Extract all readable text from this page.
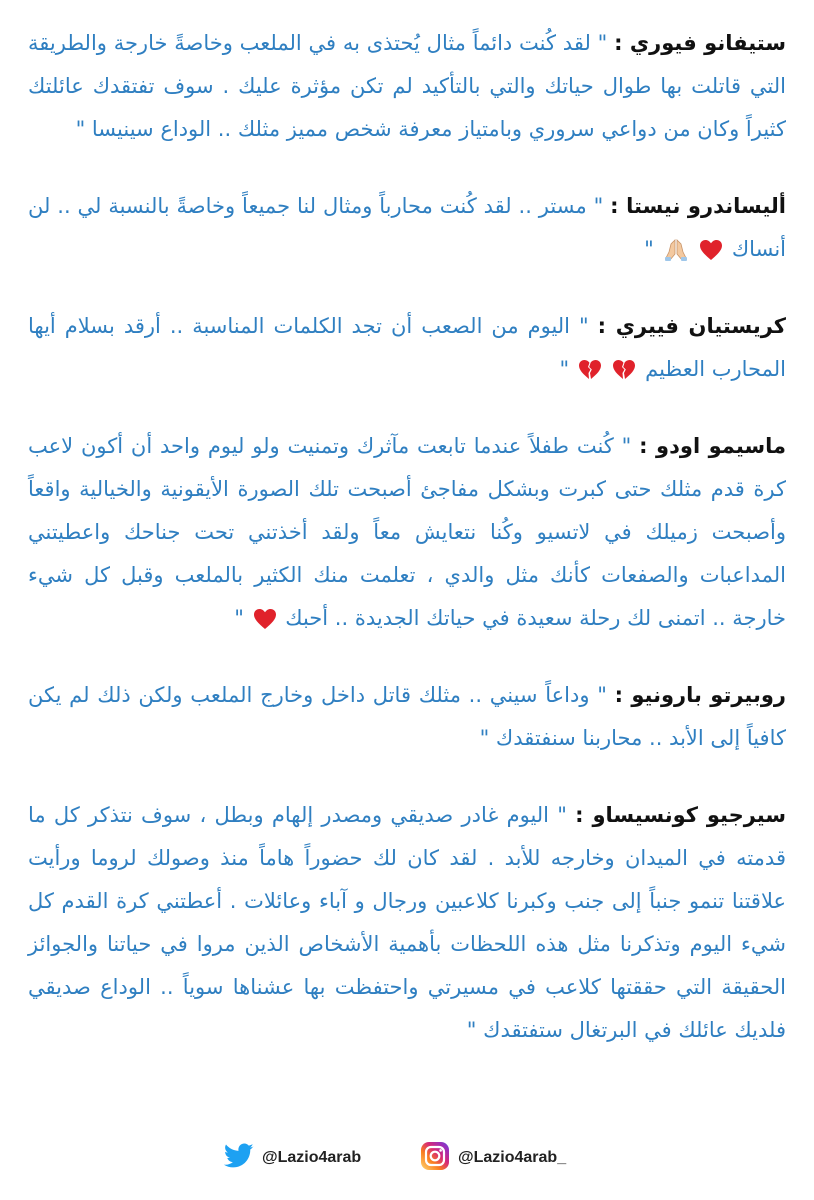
ستيفانو فيوري : " لقد كُنت دائماً مثال يُحتذى به في الملعب وخاصةً خارجة والطريقة التي قاتلت بها طوال حياتك والتي بالتأكيد لم تكن مؤثرة عليك . سوف تفتقدك عائلتك كثيراً وكان من دواعي سروري وبامتياز معرفة شخص مميز مثلك .. الوداع سينيسا "

أليساندرو نيستا : " مستر .. لقد كُنت محارباً ومثال لنا جميعاً وخاصةً بالنسبة لي .. لن أنساك

"

كريستيان فييري : " اليوم من الصعب أن تجد الكلمات المناسبة .. أرقد بسلام أيها المحارب العظيم

"

ماسيمو اودو : " كُنت طفلاً عندما تابعت مآثرك وتمنيت ولو ليوم واحد أن أكون لاعب كرة قدم مثلك حتى كبرت وبشكل مفاجئ أصبحت تلك الصورة الأيقونية والخيالية واقعاً وأصبحت زميلك في لاتسيو وكُنا نتعايش معاً ولقد أخذتني تحت جناحك واعطيتني المداعبات والصفعات كأنك مثل والدي ، تعلمت منك الكثير بالملعب وقبل كل شيء خارجة .. اتمنى لك رحلة سعيدة في حياتك الجديدة .. أحبك
"

روبيرتو بارونيو : " وداعاً سيني .. مثلك قاتل داخل وخارج الملعب ولكن ذلك لم يكن كافياً إلى الأبد .. محاربنا سنفتقدك "

سيرجيو كونسيساو : " اليوم غادر صديقي ومصدر إلهام وبطل ، سوف نتذكر كل ما قدمته في الميدان وخارجه للأبد . لقد كان لك حضوراً هاماً منذ وصولك لروما ورأيت علاقتنا تنمو جنباً إلى جنب وكبرنا كلاعبين ورجال و آباء وعائلات . أعطتني كرة القدم كل شيء اليوم وتذكرنا مثل هذه اللحظات بأهمية الأشخاص الذين مروا في حياتنا والجوائز الحقيقة التي حققتها كلاعب في مسيرتي واحتفظت بها عشناها سوياً .. الوداع صديقي فلديك عائلك في البرتغال ستفتقدك "

@Lazio4arab	@Lazio4arab_
